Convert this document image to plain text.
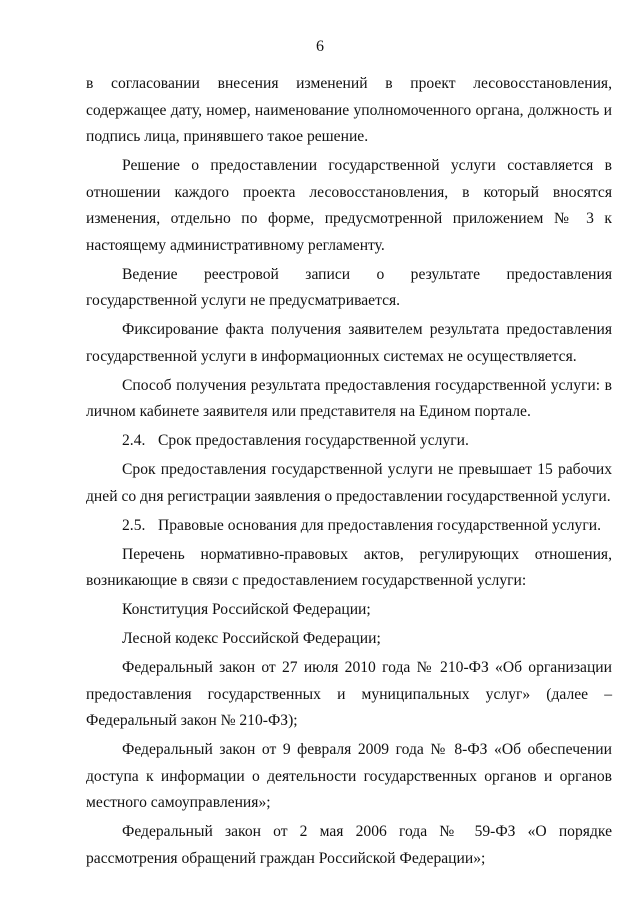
6

в согласовании внесения изменений в проект лесовосстановления, содержащее дату, номер, наименование уполномоченного органа, должность и подпись лица, принявшего такое решение.

Решение о предоставлении государственной услуги составляется в отношении каждого проекта лесовосстановления, в который вносятся изменения, отдельно по форме, предусмотренной приложением № 3 к настоящему административному регламенту.

Ведение реестровой записи о результате предоставления государственной услуги не предусматривается.

Фиксирование факта получения заявителем результата предоставления государственной услуги в информационных системах не осуществляется.

Способ получения результата предоставления государственной услуги: в личном кабинете заявителя или представителя на Едином портале.

2.4. Срок предоставления государственной услуги.

Срок предоставления государственной услуги не превышает 15 рабочих дней со дня регистрации заявления о предоставлении государственной услуги.

2.5. Правовые основания для предоставления государственной услуги.

Перечень нормативно-правовых актов, регулирующих отношения, возникающие в связи с предоставлением государственной услуги:

Конституция Российской Федерации;

Лесной кодекс Российской Федерации;

Федеральный закон от 27 июля 2010 года № 210-ФЗ «Об организации предоставления государственных и муниципальных услуг» (далее – Федеральный закон № 210-ФЗ);

Федеральный закон от 9 февраля 2009 года № 8-ФЗ «Об обеспечении доступа к информации о деятельности государственных органов и органов местного самоуправления»;

Федеральный закон от 2 мая 2006 года № 59-ФЗ «О порядке рассмотрения обращений граждан Российской Федерации»;
